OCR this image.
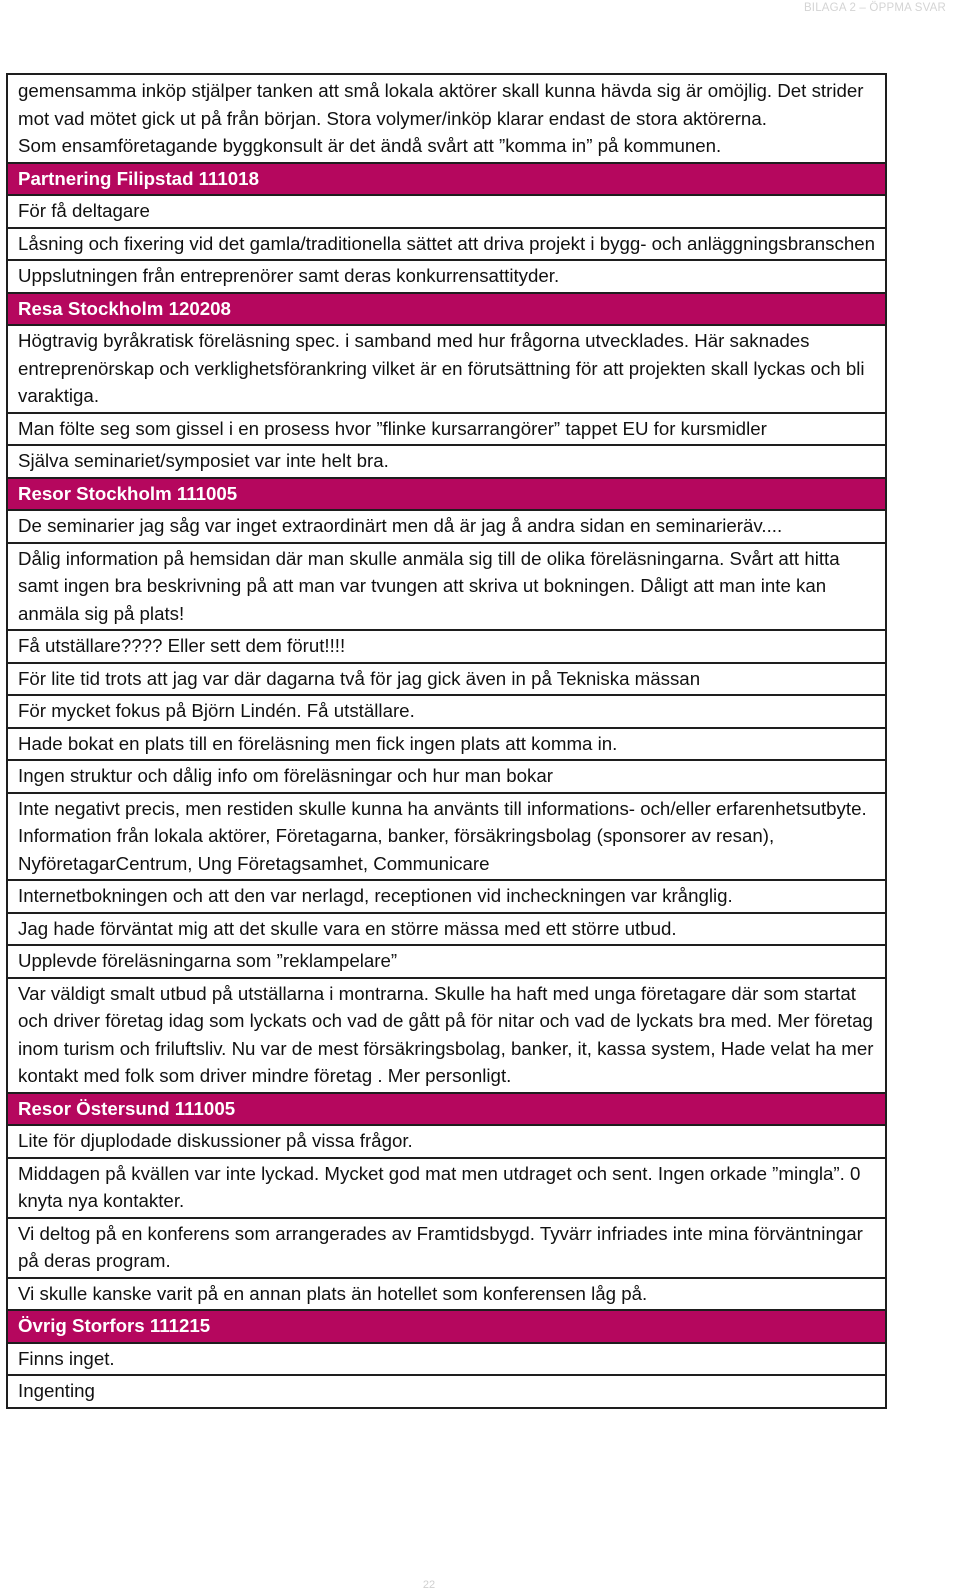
BILAGA 2 – ÖPPMA SVAR
gemensamma inköp stjälper tanken att små lokala aktörer skall kunna hävda sig är omöjlig. Det strider mot vad mötet gick ut på från början. Stora volymer/inköp klarar endast de stora aktörerna.
Som ensamföretagande byggkonsult är det ändå svårt att ”komma in” på kommunen.
Partnering Filipstad 111018
För få deltagare
Låsning och fixering vid det gamla/traditionella sättet att driva projekt i bygg- och anläggningsbranschen
Uppslutningen från entreprenörer samt deras konkurrensattityder.
Resa Stockholm 120208
Högtravig byråkratisk föreläsning spec. i samband med hur frågorna utvecklades. Här saknades entreprenörskap och verklighetsförankring vilket är en förutsättning för att projekten skall lyckas och bli varaktiga.
Man fölte seg som gissel i en prosess hvor ”flinke kursarrangörer” tappet EU for kursmidler
Själva seminariet/symposiet var inte helt bra.
Resor Stockholm 111005
De seminarier jag såg var inget extraordinärt men då är jag å andra sidan en seminarieräv....
Dålig information på hemsidan där man skulle anmäla sig till de olika föreläsningarna. Svårt att hitta samt ingen bra beskrivning på att man var tvungen att skriva ut bokningen. Dåligt att man inte kan anmäla sig på plats!
Få utställare???? Eller sett dem förut!!!!
För lite tid trots att jag var där dagarna två för jag gick även in på Tekniska mässan
För mycket fokus på Björn Lindén. Få utställare.
Hade bokat en plats till en föreläsning men fick ingen plats att komma in.
Ingen struktur och dålig info om föreläsningar och hur man bokar
Inte negativt precis, men restiden skulle kunna ha använts till informations- och/eller erfarenhetsutbyte. Information från lokala aktörer, Företagarna, banker, försäkringsbolag (sponsorer av resan), NyföretagarCentrum, Ung Företagsamhet, Communicare
Internetbokningen och att den var nerlagd, receptionen vid incheckningen var krånglig.
Jag hade förväntat mig att det skulle vara en större mässa med ett större utbud.
Upplevde föreläsningarna som ”reklampelare”
Var väldigt smalt utbud på utställarna i montrarna. Skulle ha haft med unga företagare där som startat och driver företag idag som lyckats och vad de gått på för nitar och vad de lyckats bra med. Mer företag inom turism och friluftsliv. Nu var de mest försäkringsbolag, banker, it, kassa system, Hade velat ha mer kontakt med folk som driver mindre företag . Mer personligt.
Resor Östersund 111005
Lite för djuplodade diskussioner på vissa frågor.
Middagen på kvällen var inte lyckad. Mycket god mat men utdraget och sent. Ingen orkade ”mingla”. 0 knyta nya kontakter.
Vi deltog på en konferens som arrangerades av Framtidsbygd. Tyvärr infriades inte mina förväntningar på deras program.
Vi skulle kanske varit på en annan plats än hotellet som konferensen låg på.
Övrig Storfors 111215
Finns inget.
Ingenting
22
